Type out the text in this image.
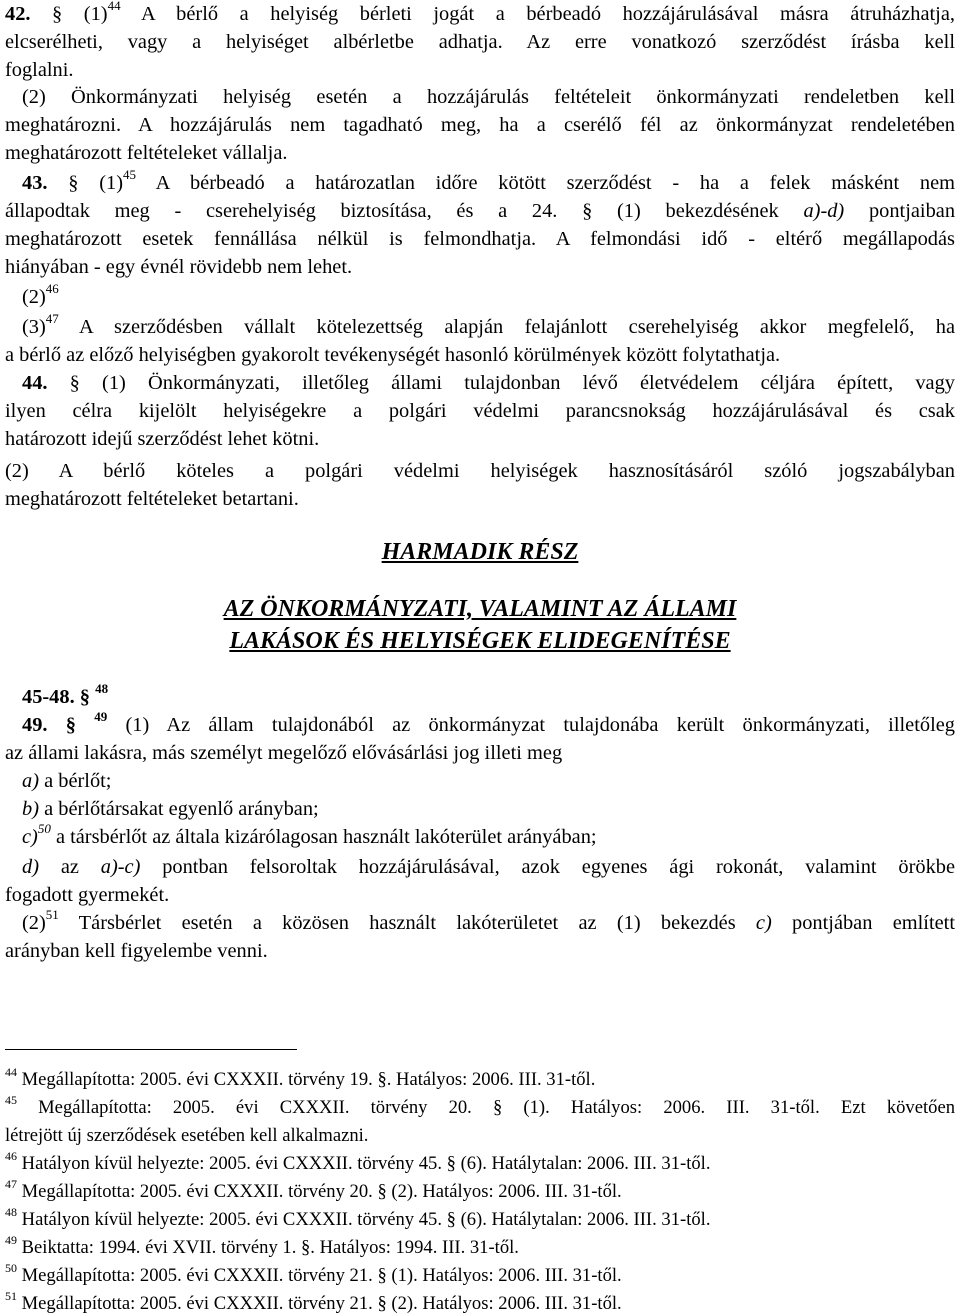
42. § $(1)^{44}$ A bérlő a helyiség bérleti jogát a bérbeadó hozzájárulásával másra átruházhatja,

elcserélheti, vagy a helyiséget albérletbe adhatja. Az erre vonatkozó szerződést írásba kell

foglalni.

(2) Önkormányzati helyiség esetén a hozzájárulás feltételeit önkormányzati rendeletben kell

meghatározni. A hozzájárulás nem tagadható meg, ha a cserélő fél az önkormányzat rendeletében

meghatározott feltételeket vállalja.

43. § $(1)^{45}$ A bérbeadó a határozatlan időre kötött szerződést - ha a felek másként nem

állapodtak meg - cserehelyiség biztosítása, és a 24. § (1) bekezdésének a)-d) pontjaiban

meghatározott esetek fennállása nélkül is felmondhatja. A felmondási idő - eltérő megállapodás

hiányában - egy évnél rövidebb nem lehet.

$(2)^{46}$

$(3)^{47}$ A szerződésben vállalt kötelezettség alapján felajánlott cserehelyiség akkor megfelelő, ha

a bérlő az előző helyiségben gyakorolt tevékenységét hasonló körülmények között folytathatja.

44. § (1) Önkormányzati, illetőleg állami tulajdonban lévő életvédelem céljára épített, vagy

ilyen célra kijelölt helyiségekre a polgári védelmi parancsnokság hozzájárulásával és csak

határozott idejű szerződést lehet kötni.

(2) A bérlő köteles a polgári védelmi helyiségek hasznosításáról szóló jogszabályban

meghatározott feltételeket betartani.

45-48. § $^{48}$

49. § $^{49}$ (1) Az állam tulajdonából az önkormányzat tulajdonába került önkormányzati, illetőleg

az állami lakásra, más személyt megelőző elővásárlási jog illeti meg

a) a bérlőt;

b) a bérlőtársakat egyenlő arányban;

c)$^{50}$ a társbérlőt az általa kizárólagosan használt lakóterület arányában;

d) az a)-c) pontban felsoroltak hozzájárulásával, azok egyenes ági rokonát, valamint örökbe

fogadott gyermekét.

$(2)^{51}$ Társbérlet esetén a közösen használt lakóterületet az (1) bekezdés c) pontjában említett

arányban kell figyelembe venni.

HARMADIK RÉSZ

AZ ÖNKORMÁNYZATI, VALAMINT AZ ÁLLAMI

LAKÁSOK ÉS HELYISÉGEK ELIDEGENÍTÉSE

$^{44}$ Megállapította: 2005. évi CXXXII. törvény 19. §. Hatályos: 2006. III. 31-től.

$^{45}$ Megállapította: 2005. évi CXXXII. törvény 20. § (1). Hatályos: 2006. III. 31-től. Ezt követően

létrejött új szerződések esetében kell alkalmazni.

$^{46}$ Hatályon kívül helyezte: 2005. évi CXXXII. törvény 45. § (6). Hatálytalan: 2006. III. 31-től.

$^{47}$ Megállapította: 2005. évi CXXXII. törvény 20. § (2). Hatályos: 2006. III. 31-től.

$^{48}$ Hatályon kívül helyezte: 2005. évi CXXXII. törvény 45. § (6). Hatálytalan: 2006. III. 31-től.

$^{49}$ Beiktatta: 1994. évi XVII. törvény 1. §. Hatályos: 1994. III. 31-től.

$^{50}$ Megállapította: 2005. évi CXXXII. törvény 21. § (1). Hatályos: 2006. III. 31-től.

$^{51}$ Megállapította: 2005. évi CXXXII. törvény 21. § (2). Hatályos: 2006. III. 31-től.
